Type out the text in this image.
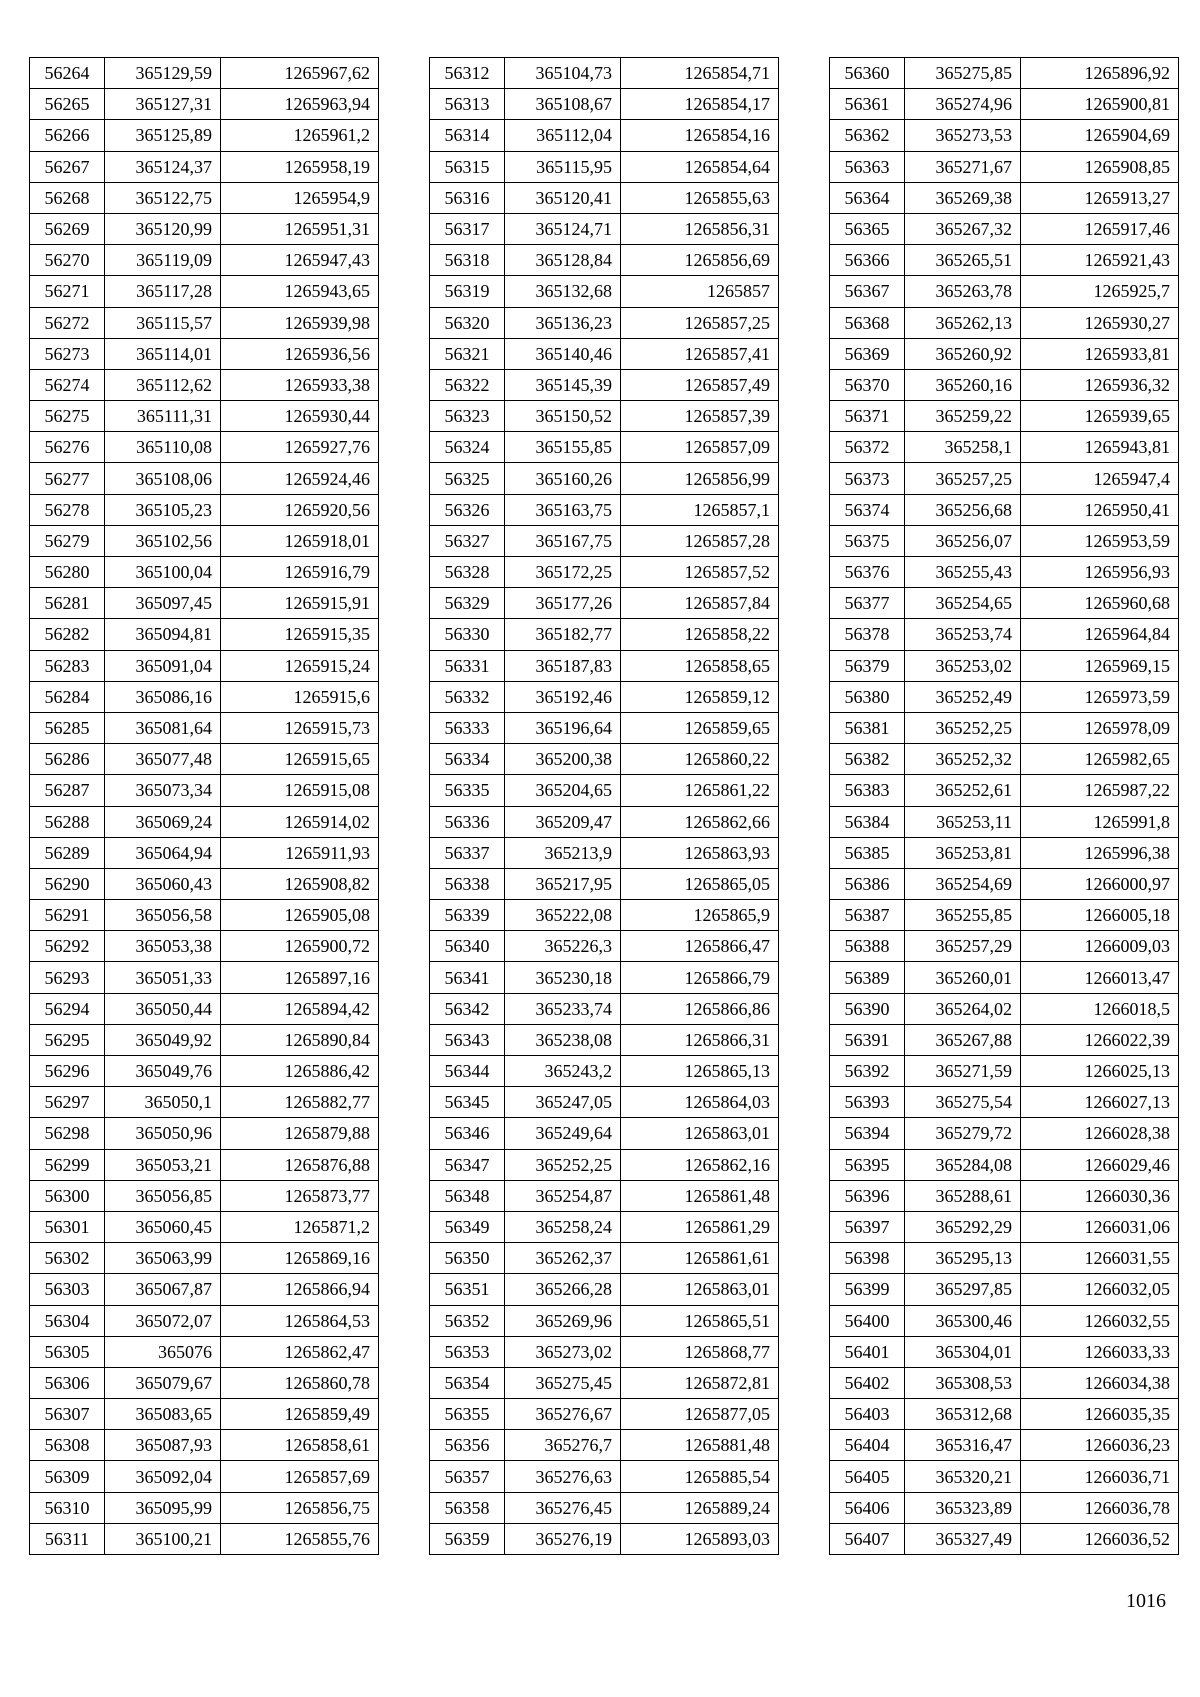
56264	365129,59	1265967,62
56265	365127,31	1265963,94
56266	365125,89	1265961,2
56267	365124,37	1265958,19
56268	365122,75	1265954,9
56269	365120,99	1265951,31
56270	365119,09	1265947,43
56271	365117,28	1265943,65
56272	365115,57	1265939,98
56273	365114,01	1265936,56
56274	365112,62	1265933,38
56275	365111,31	1265930,44
56276	365110,08	1265927,76
56277	365108,06	1265924,46
56278	365105,23	1265920,56
56279	365102,56	1265918,01
56280	365100,04	1265916,79
56281	365097,45	1265915,91
56282	365094,81	1265915,35
56283	365091,04	1265915,24
56284	365086,16	1265915,6
56285	365081,64	1265915,73
56286	365077,48	1265915,65
56287	365073,34	1265915,08
56288	365069,24	1265914,02
56289	365064,94	1265911,93
56290	365060,43	1265908,82
56291	365056,58	1265905,08
56292	365053,38	1265900,72
56293	365051,33	1265897,16
56294	365050,44	1265894,42
56295	365049,92	1265890,84
56296	365049,76	1265886,42
56297	365050,1	1265882,77
56298	365050,96	1265879,88
56299	365053,21	1265876,88
56300	365056,85	1265873,77
56301	365060,45	1265871,2
56302	365063,99	1265869,16
56303	365067,87	1265866,94
56304	365072,07	1265864,53
56305	365076	1265862,47
56306	365079,67	1265860,78
56307	365083,65	1265859,49
56308	365087,93	1265858,61
56309	365092,04	1265857,69
56310	365095,99	1265856,75
56311	365100,21	1265855,76
56312	365104,73	1265854,71
56313	365108,67	1265854,17
56314	365112,04	1265854,16
56315	365115,95	1265854,64
56316	365120,41	1265855,63
56317	365124,71	1265856,31
56318	365128,84	1265856,69
56319	365132,68	1265857
56320	365136,23	1265857,25
56321	365140,46	1265857,41
56322	365145,39	1265857,49
56323	365150,52	1265857,39
56324	365155,85	1265857,09
56325	365160,26	1265856,99
56326	365163,75	1265857,1
56327	365167,75	1265857,28
56328	365172,25	1265857,52
56329	365177,26	1265857,84
56330	365182,77	1265858,22
56331	365187,83	1265858,65
56332	365192,46	1265859,12
56333	365196,64	1265859,65
56334	365200,38	1265860,22
56335	365204,65	1265861,22
56336	365209,47	1265862,66
56337	365213,9	1265863,93
56338	365217,95	1265865,05
56339	365222,08	1265865,9
56340	365226,3	1265866,47
56341	365230,18	1265866,79
56342	365233,74	1265866,86
56343	365238,08	1265866,31
56344	365243,2	1265865,13
56345	365247,05	1265864,03
56346	365249,64	1265863,01
56347	365252,25	1265862,16
56348	365254,87	1265861,48
56349	365258,24	1265861,29
56350	365262,37	1265861,61
56351	365266,28	1265863,01
56352	365269,96	1265865,51
56353	365273,02	1265868,77
56354	365275,45	1265872,81
56355	365276,67	1265877,05
56356	365276,7	1265881,48
56357	365276,63	1265885,54
56358	365276,45	1265889,24
56359	365276,19	1265893,03
56360	365275,85	1265896,92
56361	365274,96	1265900,81
56362	365273,53	1265904,69
56363	365271,67	1265908,85
56364	365269,38	1265913,27
56365	365267,32	1265917,46
56366	365265,51	1265921,43
56367	365263,78	1265925,7
56368	365262,13	1265930,27
56369	365260,92	1265933,81
56370	365260,16	1265936,32
56371	365259,22	1265939,65
56372	365258,1	1265943,81
56373	365257,25	1265947,4
56374	365256,68	1265950,41
56375	365256,07	1265953,59
56376	365255,43	1265956,93
56377	365254,65	1265960,68
56378	365253,74	1265964,84
56379	365253,02	1265969,15
56380	365252,49	1265973,59
56381	365252,25	1265978,09
56382	365252,32	1265982,65
56383	365252,61	1265987,22
56384	365253,11	1265991,8
56385	365253,81	1265996,38
56386	365254,69	1266000,97
56387	365255,85	1266005,18
56388	365257,29	1266009,03
56389	365260,01	1266013,47
56390	365264,02	1266018,5
56391	365267,88	1266022,39
56392	365271,59	1266025,13
56393	365275,54	1266027,13
56394	365279,72	1266028,38
56395	365284,08	1266029,46
56396	365288,61	1266030,36
56397	365292,29	1266031,06
56398	365295,13	1266031,55
56399	365297,85	1266032,05
56400	365300,46	1266032,55
56401	365304,01	1266033,33
56402	365308,53	1266034,38
56403	365312,68	1266035,35
56404	365316,47	1266036,23
56405	365320,21	1266036,71
56406	365323,89	1266036,78
56407	365327,49	1266036,52
1016
